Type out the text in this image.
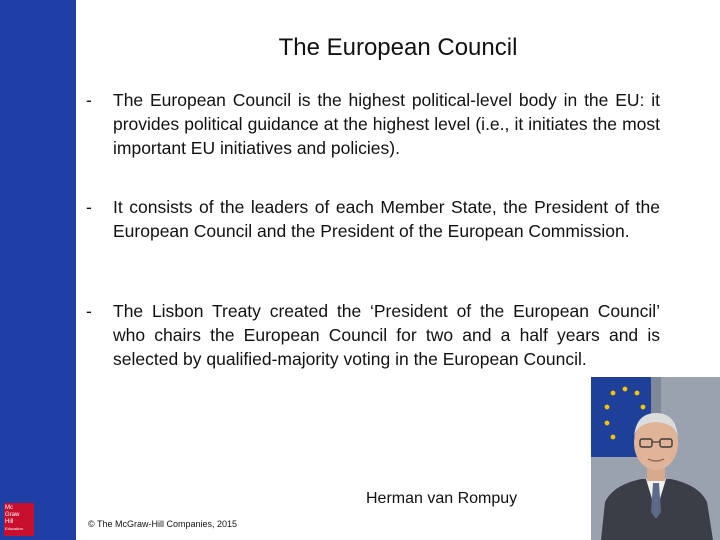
Mc
Graw
Hill
Education
The European Council
-	The European Council is the highest political-level body in the EU: it provides political guidance at the highest level (i.e., it initiates the most important EU initiatives and policies).
-	It consists of the leaders of each Member State, the President of the European Council and the President of the European Commission.
-	The Lisbon Treaty created the ‘President of the European Council’ who chairs the European Council for two and a half years and is selected by qualified-majority voting in the European Council.
Herman van Rompuy
© The McGraw-Hill Companies, 2015
